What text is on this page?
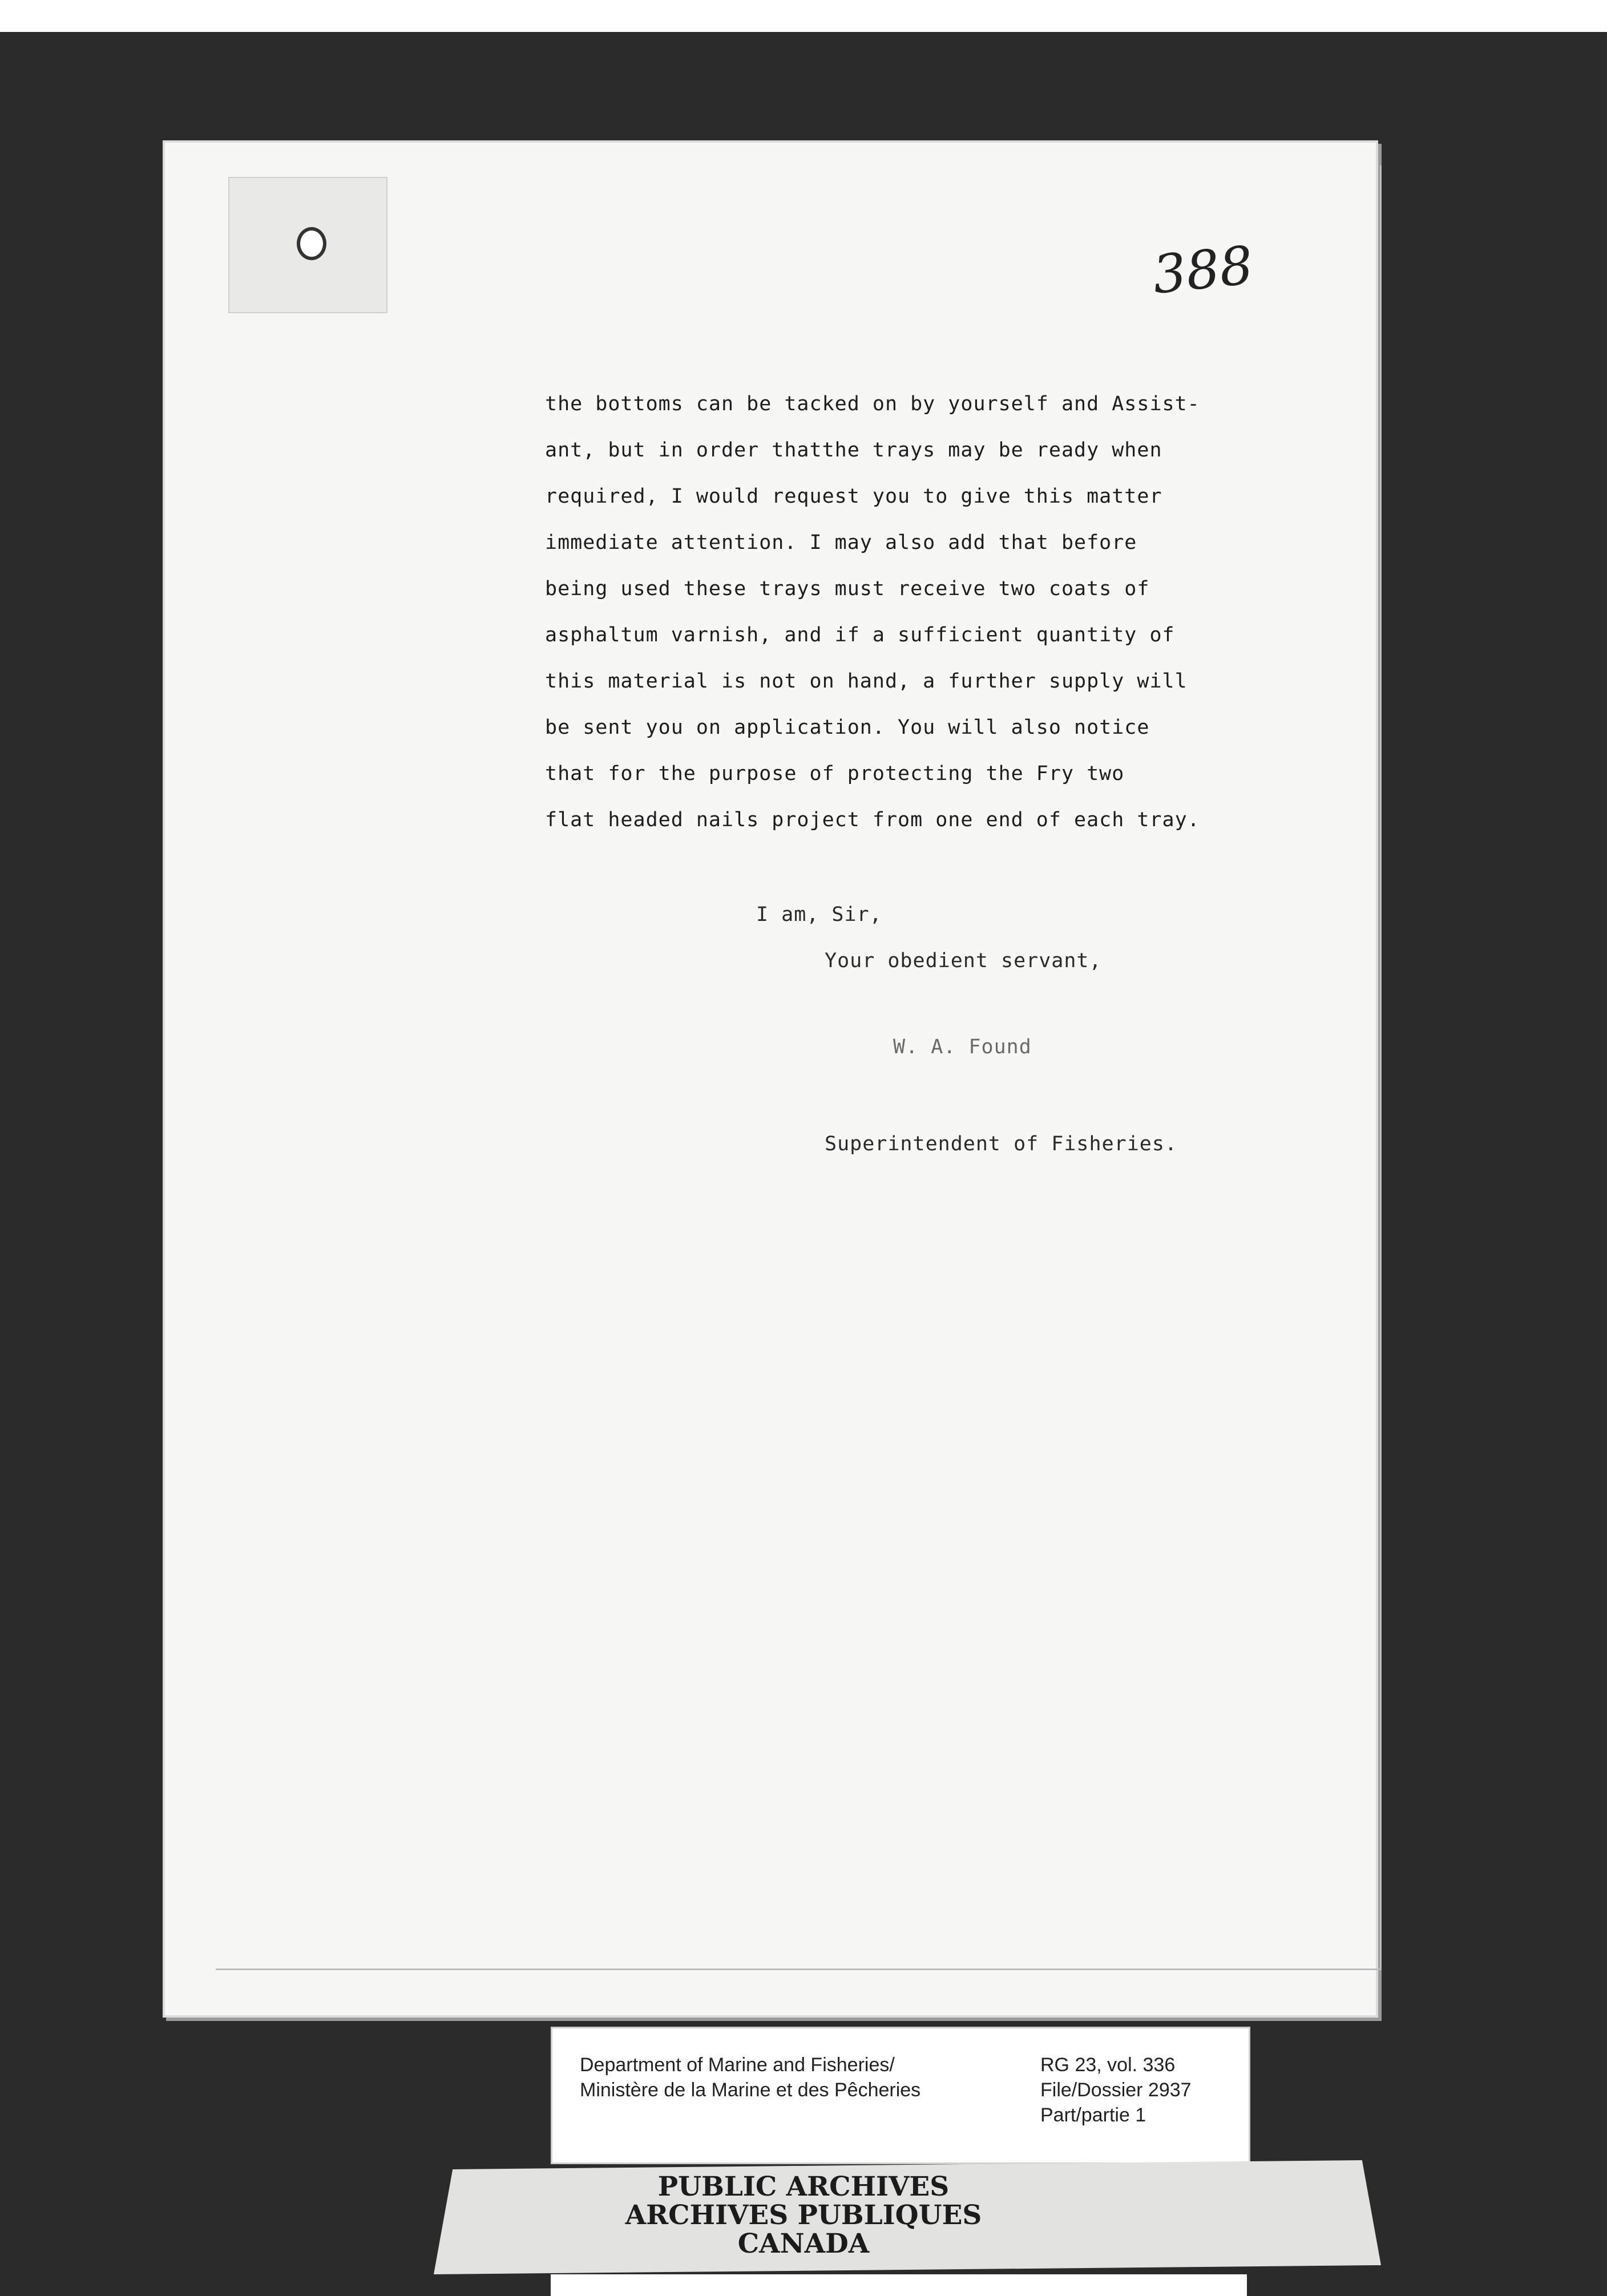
388
the bottoms can be tacked on by yourself and Assist-
ant, but in order thatthe trays may be ready when
required, I would request you to give this matter
immediate attention. I may also add that before
being used these trays must receive two coats of
asphaltum varnish, and if a sufficient quantity of
this material is not on hand, a further supply will
be sent you on application. You will also notice
that for the purpose of protecting the Fry two
flat headed nails project from one end of each tray.
I am, Sir,
Your obedient servant,
W. A. Found
Superintendent of Fisheries.
Department of Marine and Fisheries/
Ministère de la Marine et des Pêcheries
RG 23, vol. 336
File/Dossier 2937
Part/partie 1
PUBLIC ARCHIVES
ARCHIVES PUBLIQUES
CANADA
